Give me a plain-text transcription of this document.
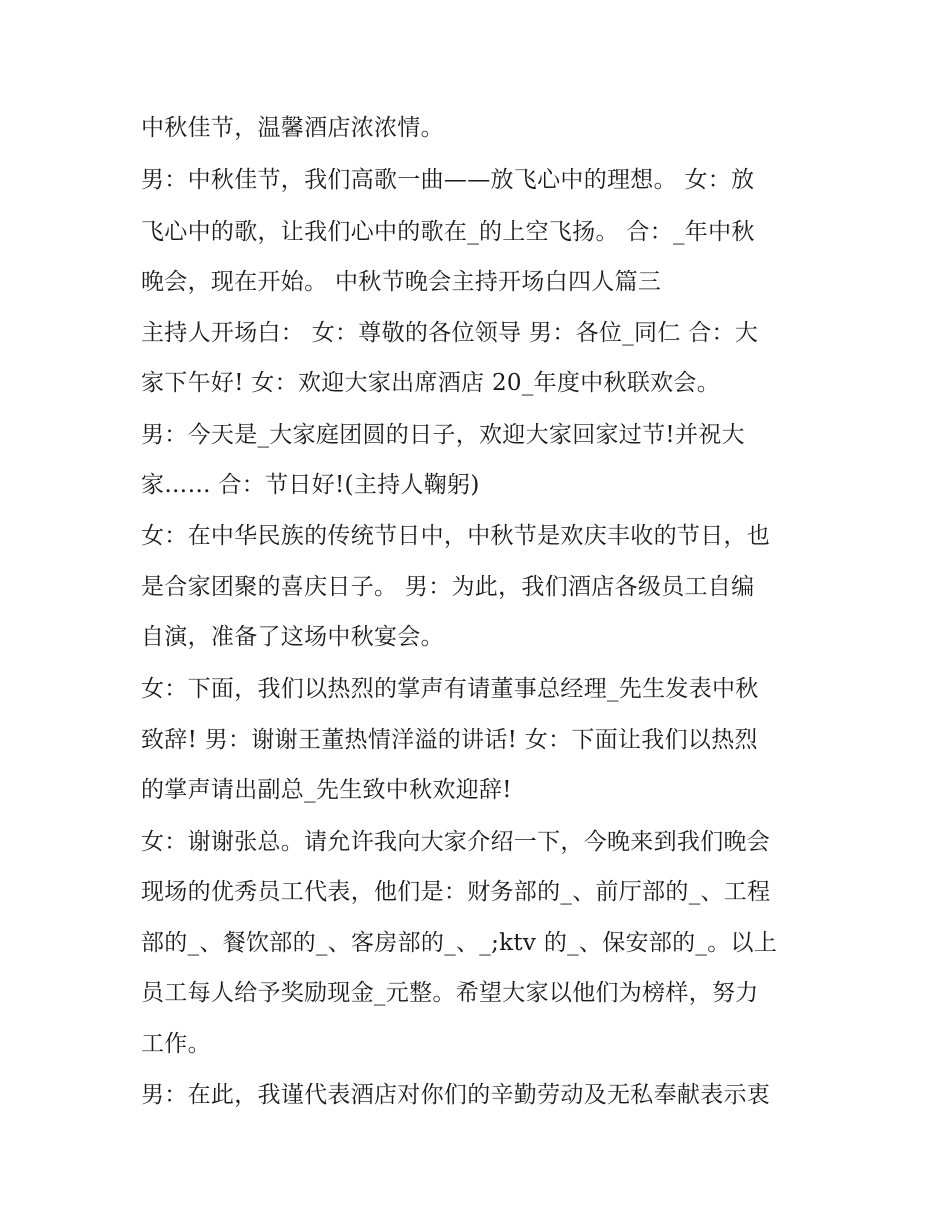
中秋佳节，温馨酒店浓浓情。
男：中秋佳节，我们高歌一曲——放飞心中的理想。 女：放
飞心中的歌，让我们心中的歌在_的上空飞扬。 合：_年中秋
晚会，现在开始。 中秋节晚会主持开场白四人篇三
主持人开场白： 女：尊敬的各位领导 男：各位_同仁 合：大
家下午好! 女：欢迎大家出席酒店 20_年度中秋联欢会。
男：今天是_大家庭团圆的日子，欢迎大家回家过节!并祝大
家…… 合：节日好!(主持人鞠躬)
女：在中华民族的传统节日中，中秋节是欢庆丰收的节日，也
是合家团聚的喜庆日子。 男：为此，我们酒店各级员工自编
自演，准备了这场中秋宴会。
女：下面，我们以热烈的掌声有请董事总经理_先生发表中秋
致辞! 男：谢谢王董热情洋溢的讲话! 女：下面让我们以热烈
的掌声请出副总_先生致中秋欢迎辞!
女：谢谢张总。请允许我向大家介绍一下，今晚来到我们晚会
现场的优秀员工代表，他们是：财务部的_、前厅部的_、工程
部的_、餐饮部的_、客房部的_、_;ktv 的_、保安部的_。以上
员工每人给予奖励现金_元整。希望大家以他们为榜样，努力
工作。
男：在此，我谨代表酒店对你们的辛勤劳动及无私奉献表示衷
